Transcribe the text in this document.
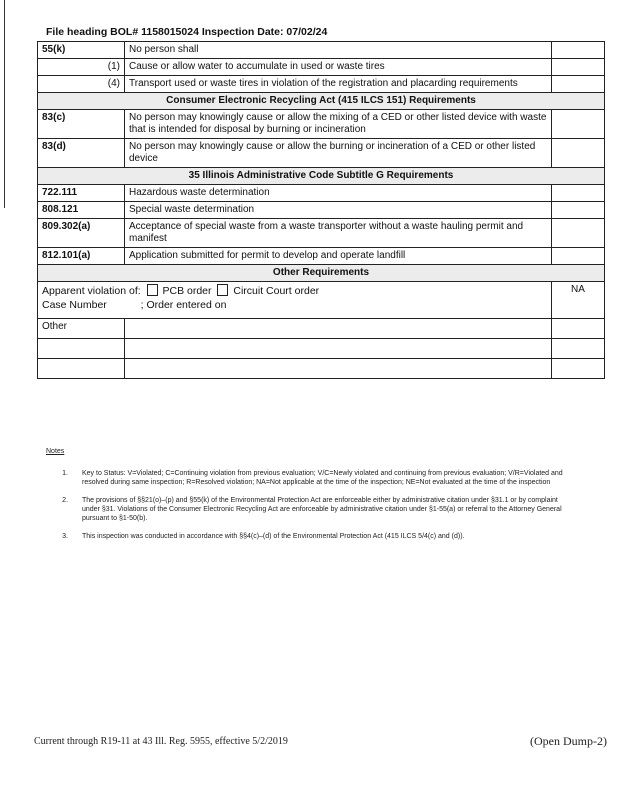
File heading BOL# 1158015024 Inspection Date: 07/02/24
55(k)	No person shall	
(1)	Cause or allow water to accumulate in used or waste tires	
(4)	Transport used or waste tires in violation of the registration and placarding requirements	
Consumer Electronic Recycling Act (415 ILCS 151) Requirements		
83(c)	No person may knowingly cause or allow the mixing of a CED or other listed device with waste that is intended for disposal by burning or incineration	
83(d)	No person may knowingly cause or allow the burning or incineration of a CED or other listed device	
35 Illinois Administrative Code Subtitle G Requirements		
722.111	Hazardous waste determination	
808.121	Special waste determination	
809.302(a)	Acceptance of special waste from a waste transporter without a waste hauling permit and manifest	
812.101(a)	Application submitted for permit to develop and operate landfill	
Other Requirements		

Apparent violation of: PCB order Circuit Court order
Case Number ; Order entered on		NA
Other		

Notes
1.	Key to Status: V=Violated; C=Continuing violation from previous evaluation; V/C=Newly violated and continuing from previous evaluation; V/R=Violated and resolved during same inspection; R=Resolved violation; NA=Not applicable at the time of the inspection; NE=Not evaluated at the time of the inspection
2.	The provisions of §§21(o)–(p) and §55(k) of the Environmental Protection Act are enforceable either by administrative citation under §31.1 or by complaint under §31. Violations of the Consumer Electronic Recycling Act are enforceable by administrative citation under §1-55(a) or referral to the Attorney General pursuant to §1-50(b).
3.	This inspection was conducted in accordance with §§4(c)–(d) of the Environmental Protection Act (415 ILCS 5/4(c) and (d)).
Current through R19-11 at 43 Ill. Reg. 5955, effective 5/2/2019	(Open Dump-2)
